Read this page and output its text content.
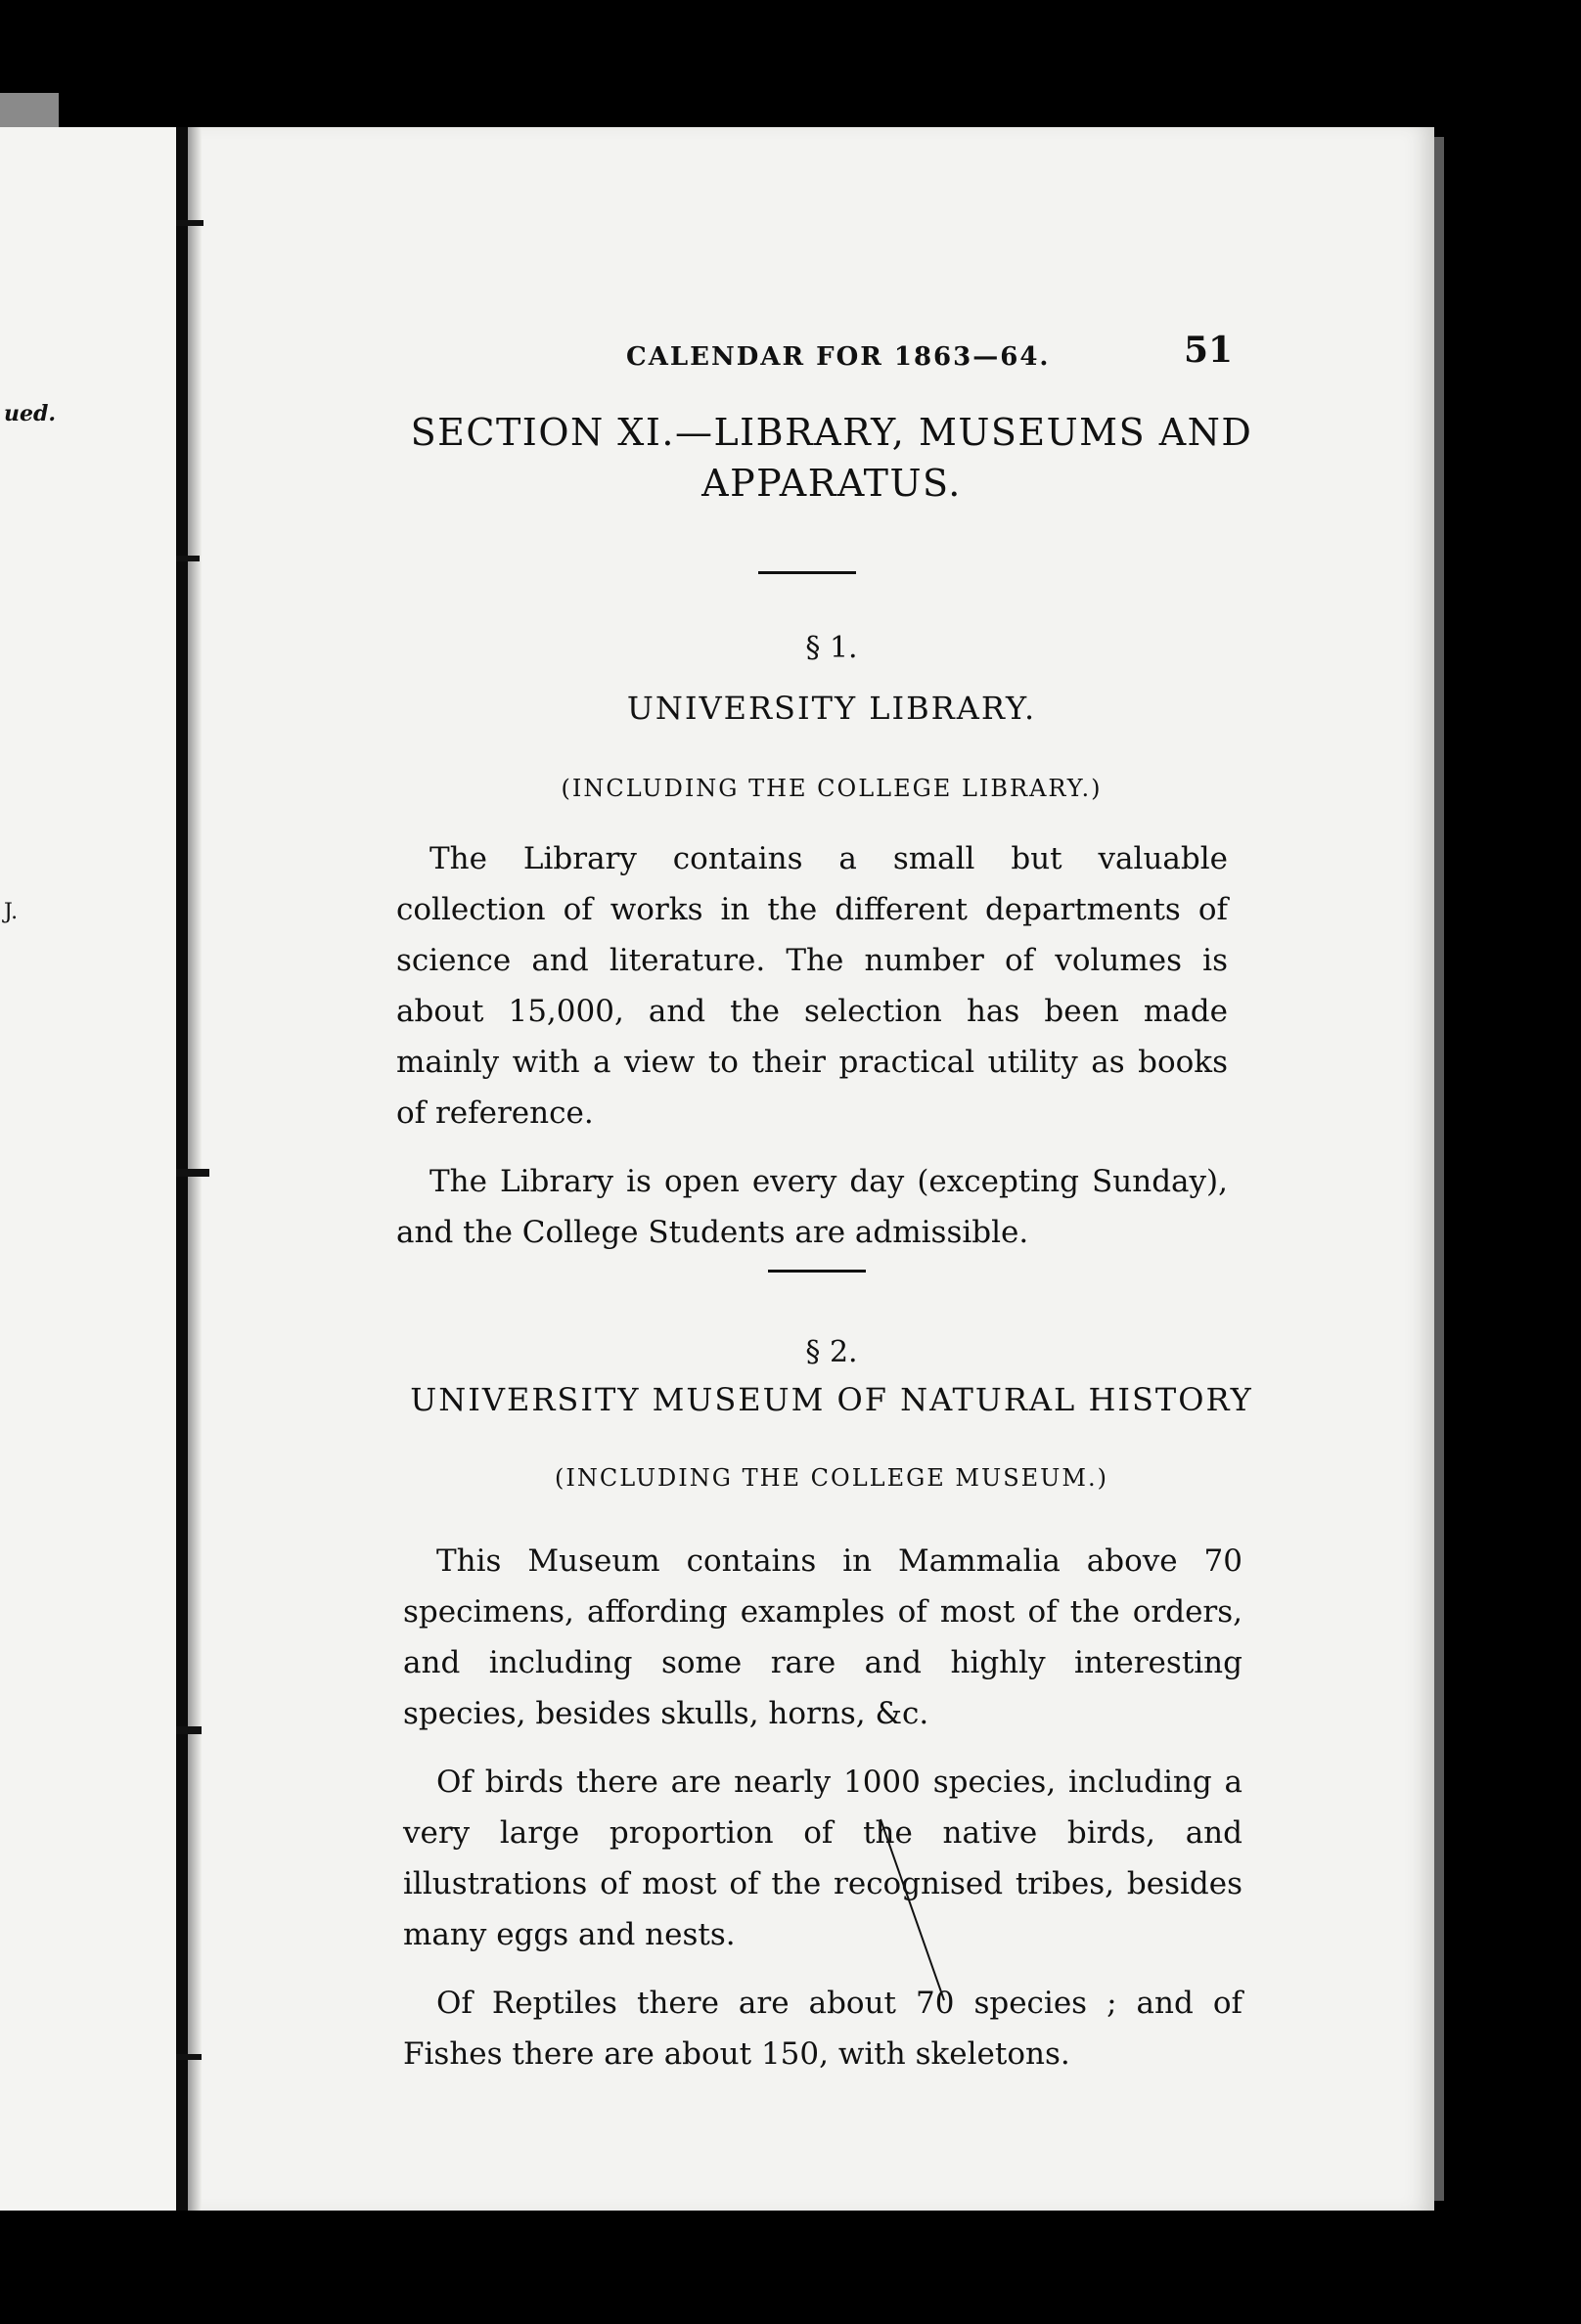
ued.
J.
CALENDAR FOR 1863—64.	51
SECTION XI.—LIBRARY, MUSEUMS AND
APPARATUS.
§ 1.
UNIVERSITY LIBRARY.
(INCLUDING THE COLLEGE LIBRARY.)

The Library contains a small but valuable collection of works in the different departments of science and literature. The number of volumes is about 15,000, and the selection has been made mainly with a view to their practical utility as books of reference.

The Library is open every day (excepting Sunday), and the College Students are admissible.

§ 2.
UNIVERSITY MUSEUM OF NATURAL HISTORY
(INCLUDING THE COLLEGE MUSEUM.)

This Museum contains in Mammalia above 70 specimens, affording examples of most of the orders, and including some rare and highly interesting species, besides skulls, horns, &c.

Of birds there are nearly 1000 species, including a very large proportion of the native birds, and illustrations of most of the recognised tribes, besides many eggs and nests.

Of Reptiles there are about 70 species ; and of Fishes there are about 150, with skeletons.
